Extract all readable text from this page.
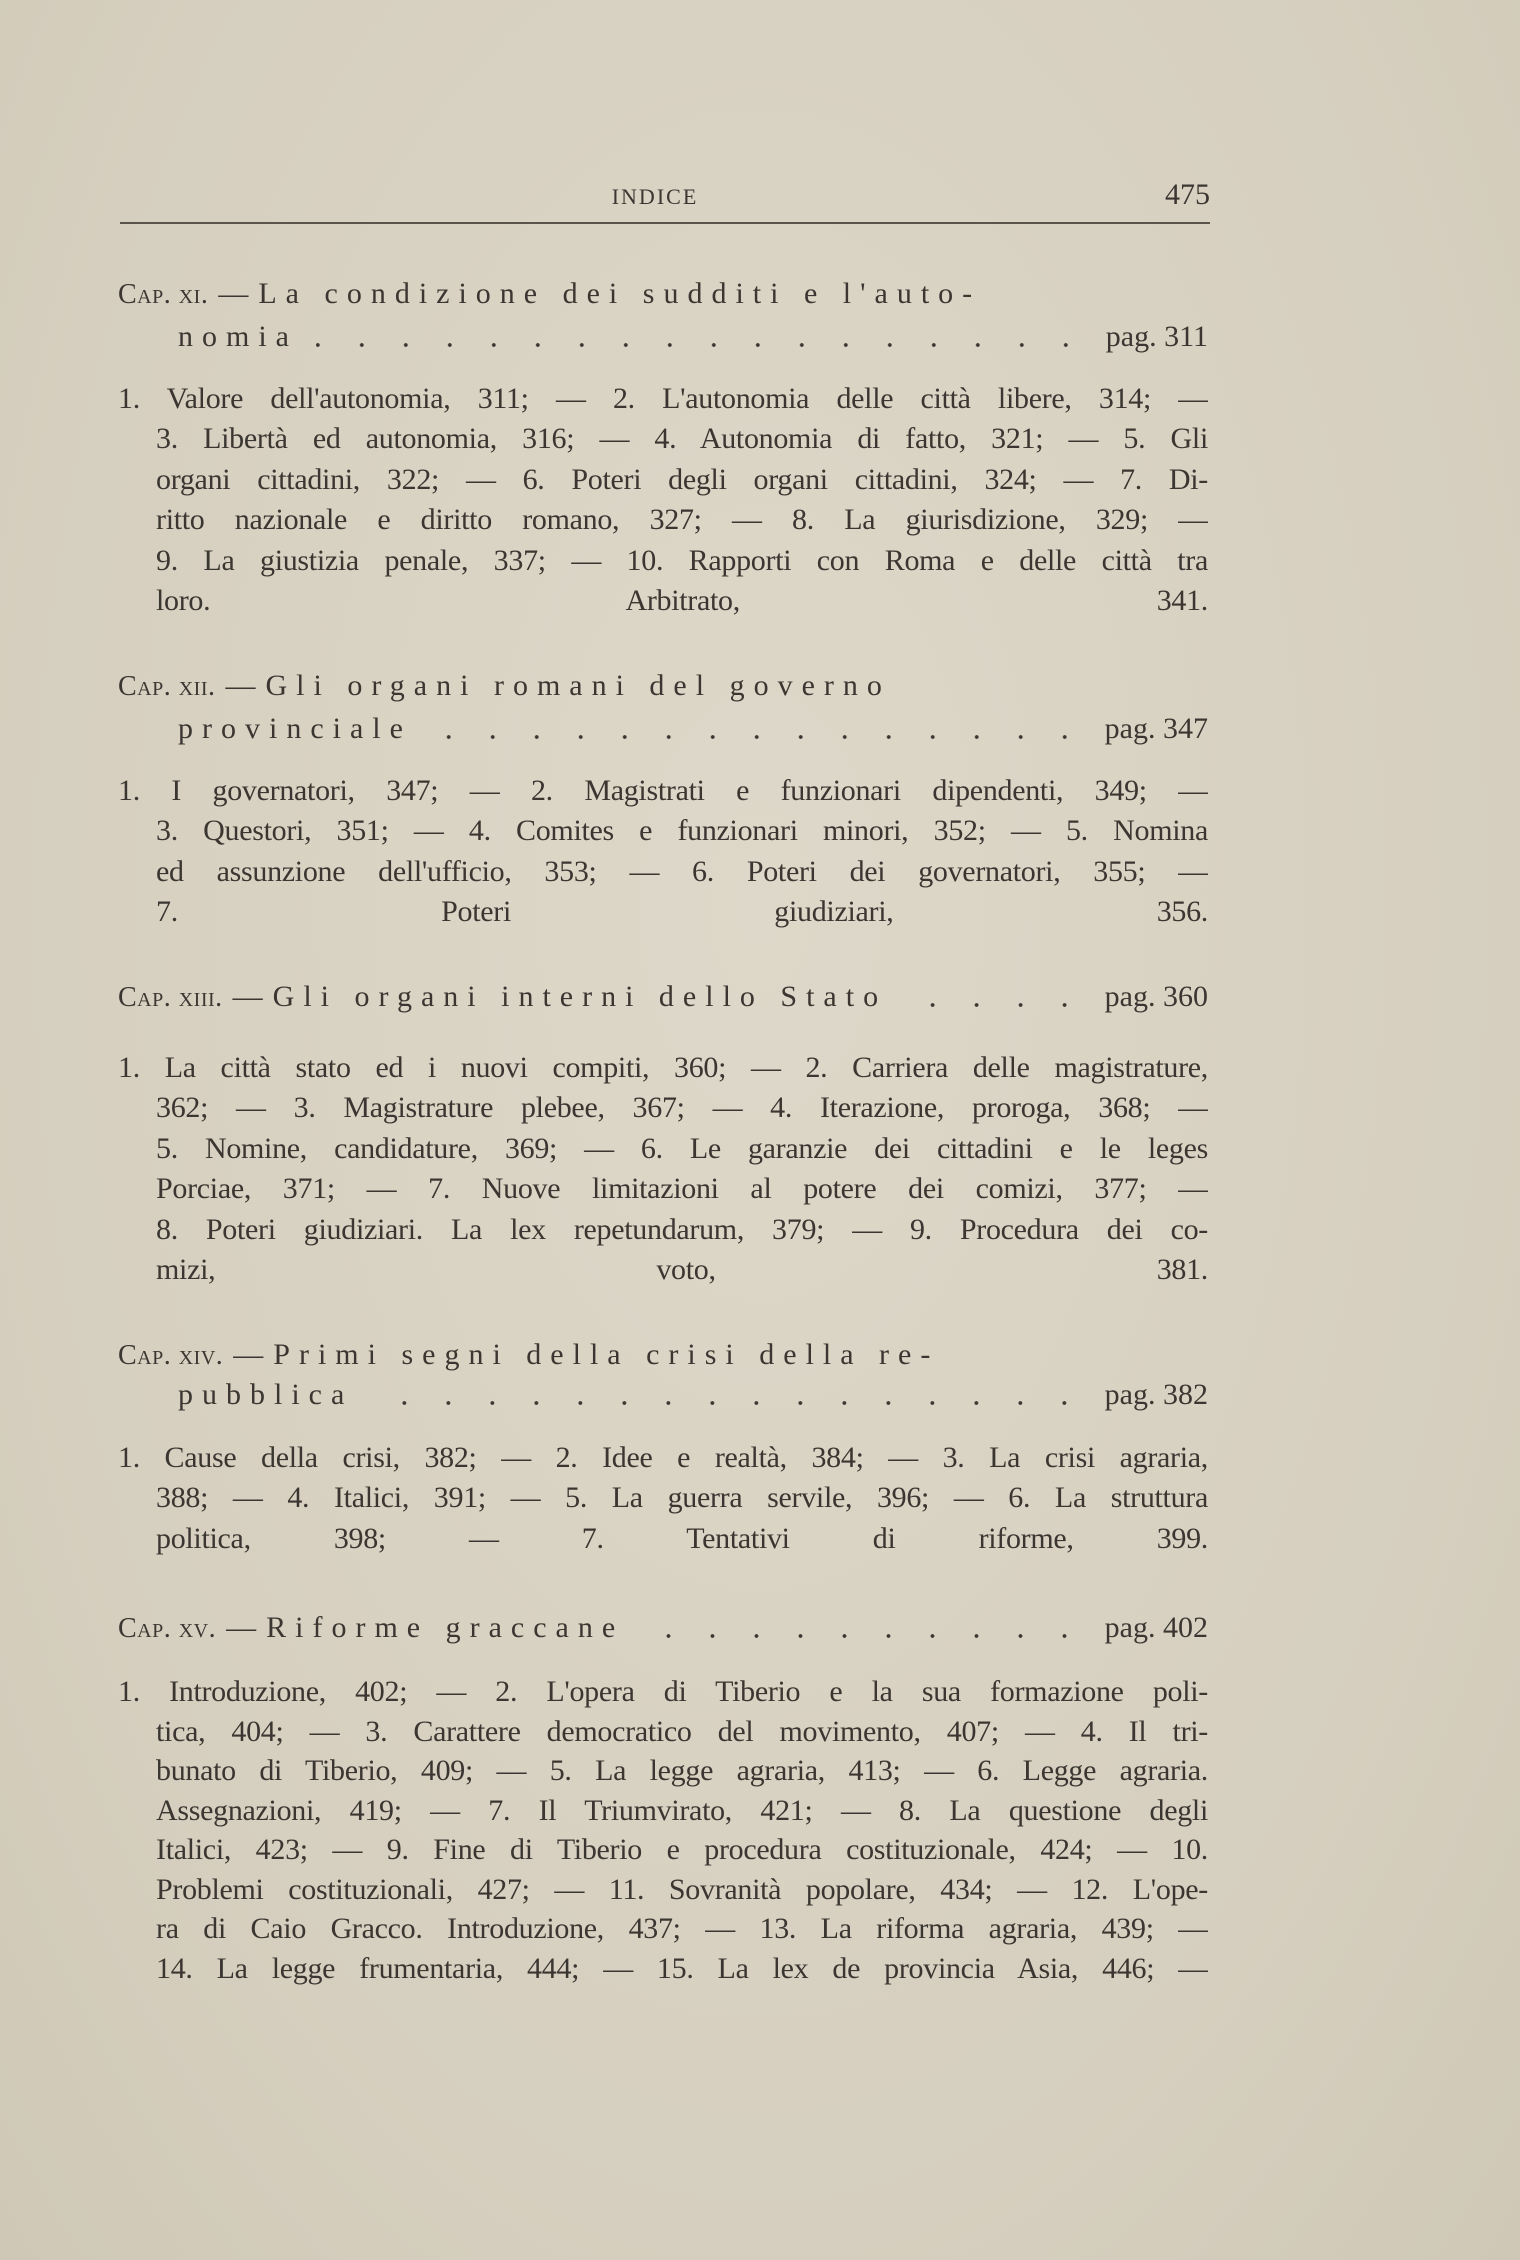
INDICE	475
Cap. xi. — La condizione dei sudditi e l'auto-
nomia	pag. 311
1. Valore dell'autonomia, 311; — 2. L'autonomia delle città libere, 314; —
3. Libertà ed autonomia, 316; — 4. Autonomia di fatto, 321; — 5. Gli
organi cittadini, 322; — 6. Poteri degli organi cittadini, 324; — 7. Di-
ritto nazionale e diritto romano, 327; — 8. La giurisdizione, 329; —
9. La giustizia penale, 337; — 10. Rapporti con Roma e delle città tra
loro. Arbitrato, 341.
Cap. xii. — Gli organi romani del governo
provinciale	pag. 347
1. I governatori, 347; — 2. Magistrati e funzionari dipendenti, 349; —
3. Questori, 351; — 4. Comites e funzionari minori, 352; — 5. Nomina
ed assunzione dell'ufficio, 353; — 6. Poteri dei governatori, 355; —
7. Poteri giudiziari, 356.
Cap. xiii. — Gli organi interni dello Stato	pag. 360
1. La città stato ed i nuovi compiti, 360; — 2. Carriera delle magistrature,
362; — 3. Magistrature plebee, 367; — 4. Iterazione, proroga, 368; —
5. Nomine, candidature, 369; — 6. Le garanzie dei cittadini e le leges
Porciae, 371; — 7. Nuove limitazioni al potere dei comizi, 377; —
8. Poteri giudiziari. La lex repetundarum, 379; — 9. Procedura dei co-
mizi, voto, 381.
Cap. xiv. — Primi segni della crisi della re-
pubblica	pag. 382
1. Cause della crisi, 382; — 2. Idee e realtà, 384; — 3. La crisi agraria,
388; — 4. Italici, 391; — 5. La guerra servile, 396; — 6. La struttura
politica, 398; — 7. Tentativi di riforme, 399.
Cap. xv. — Riforme graccane	pag. 402
1. Introduzione, 402; — 2. L'opera di Tiberio e la sua formazione poli-
tica, 404; — 3. Carattere democratico del movimento, 407; — 4. Il tri-
bunato di Tiberio, 409; — 5. La legge agraria, 413; — 6. Legge agraria.
Assegnazioni, 419; — 7. Il Triumvirato, 421; — 8. La questione degli
Italici, 423; — 9. Fine di Tiberio e procedura costituzionale, 424; — 10.
Problemi costituzionali, 427; — 11. Sovranità popolare, 434; — 12. L'ope-
ra di Caio Gracco. Introduzione, 437; — 13. La riforma agraria, 439; —
14. La legge frumentaria, 444; — 15. La lex de provincia Asia, 446; —
